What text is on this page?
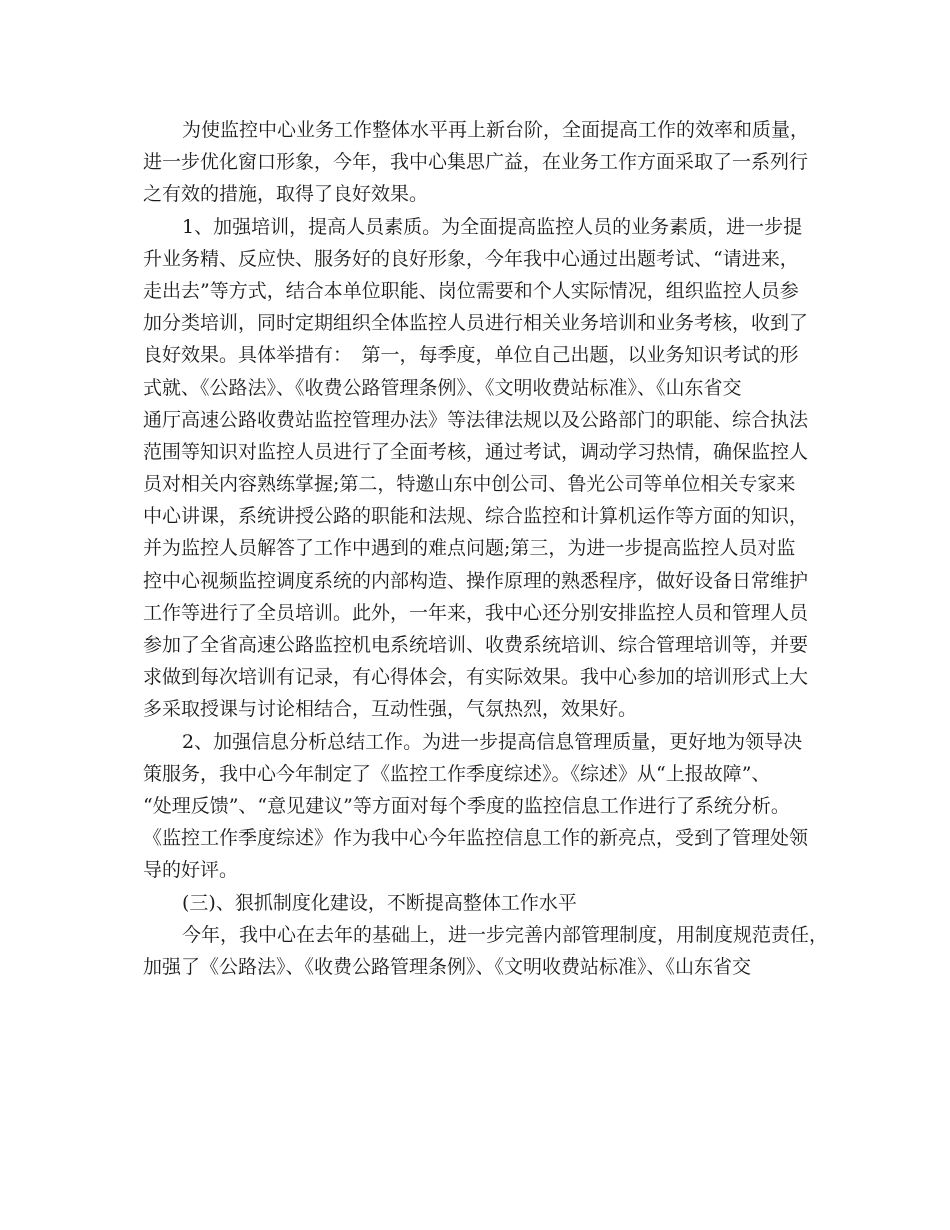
为使监控中心业务工作整体水平再上新台阶，全面提高工作的效率和质量，
进一步优化窗口形象，今年，我中心集思广益，在业务工作方面采取了一系列行
之有效的措施，取得了良好效果。
1、加强培训，提高人员素质。为全面提高监控人员的业务素质，进一步提
升业务精、反应快、服务好的良好形象，今年我中心通过出题考试、“请进来，
走出去”等方式，结合本单位职能、岗位需要和个人实际情况，组织监控人员参
加分类培训，同时定期组织全体监控人员进行相关业务培训和业务考核，收到了
良好效果。具体举措有：　第一，每季度，单位自己出题，以业务知识考试的形
式就、《公路法》、《收费公路管理条例》、《文明收费站标准》、《山东省交
通厅高速公路收费站监控管理办法》等法律法规以及公路部门的职能、综合执法
范围等知识对监控人员进行了全面考核，通过考试，调动学习热情，确保监控人
员对相关内容熟练掌握;第二，特邀山东中创公司、鲁光公司等单位相关专家来
中心讲课，系统讲授公路的职能和法规、综合监控和计算机运作等方面的知识，
并为监控人员解答了工作中遇到的难点问题;第三，为进一步提高监控人员对监
控中心视频监控调度系统的内部构造、操作原理的熟悉程序，做好设备日常维护
工作等进行了全员培训。此外，一年来，我中心还分别安排监控人员和管理人员
参加了全省高速公路监控机电系统培训、收费系统培训、综合管理培训等，并要
求做到每次培训有记录，有心得体会，有实际效果。我中心参加的培训形式上大
多采取授课与讨论相结合，互动性强，气氛热烈，效果好。
2、加强信息分析总结工作。为进一步提高信息管理质量，更好地为领导决
策服务，我中心今年制定了《监控工作季度综述》。《综述》从“上报故障”、
“处理反馈”、“意见建议”等方面对每个季度的监控信息工作进行了系统分析。
《监控工作季度综述》作为我中心今年监控信息工作的新亮点，受到了管理处领
导的好评。
(三)、狠抓制度化建设，不断提高整体工作水平
今年，我中心在去年的基础上，进一步完善内部管理制度，用制度规范责任，
加强了《公路法》、《收费公路管理条例》、《文明收费站标准》、《山东省交
